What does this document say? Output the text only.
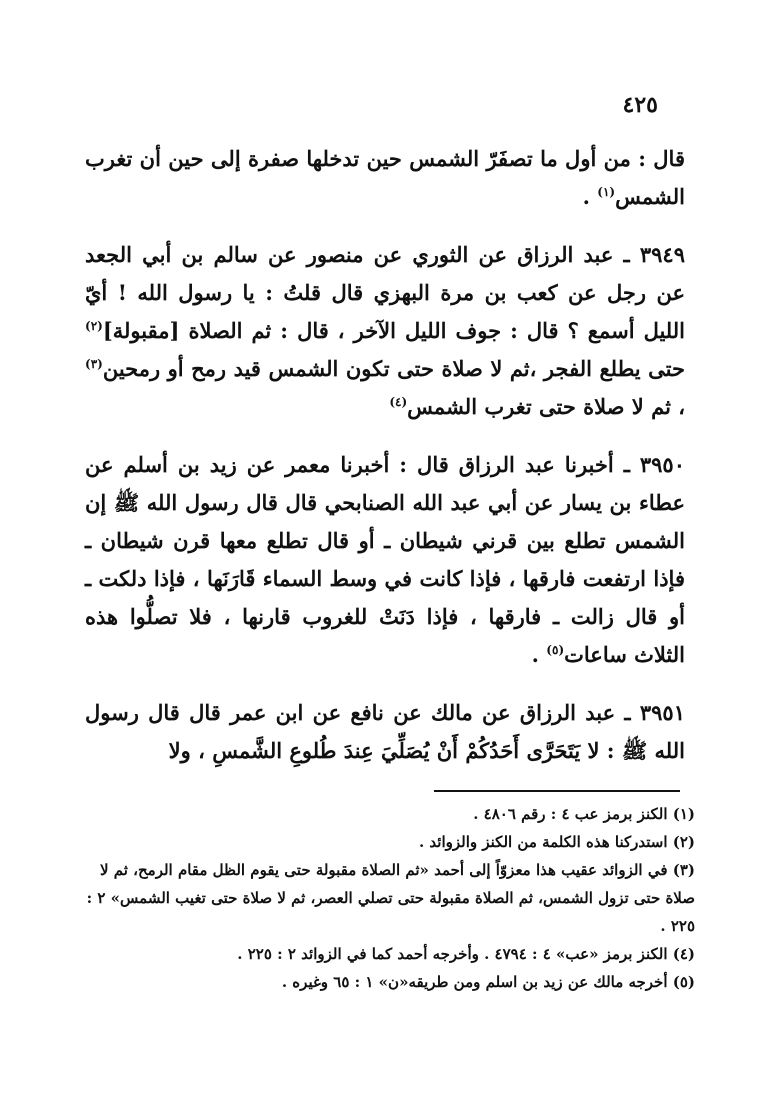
٤٢٥

قال : من أول ما تصفَرّ الشمس حين تدخلها صفرة إلى حين أن تغرب الشمس$^{(١)}$ .

٣٩٤٩ ـ عبد الرزاق عن الثوري عن منصور عن سالم بن أبي الجعد عن رجل عن كعب بن مرة البهزي قال قلتُ : يا رسول الله ! أيّ الليل أسمع ؟ قال : جوف الليل الآخر ، قال : ثم الصلاة [مقبولة]$^{(٢)}$ حتى يطلع الفجر ،ثم لا صلاة حتى تكون الشمس قيد رمح أو رمحين$^{(٣)}$ ، ثم لا صلاة حتى تغرب الشمس$^{(٤)}$

٣٩٥٠ ـ أخبرنا عبد الرزاق قال : أخبرنا معمر عن زيد بن أسلم عن عطاء بن يسار عن أبي عبد الله الصنابحي قال قال رسول الله ﷺ إن الشمس تطلع بين قرني شيطان ـ أو قال تطلع معها قرن شيطان ـ فإذا ارتفعت فارقها ، فإذا كانت في وسط السماء قَارَنَها ، فإذا دلكت ـ أو قال زالت ـ فارقها ، فإذا دَنَتْ للغروب قارنها ، فلا تصلُّوا هذه الثلاث ساعات$^{(٥)}$ .

٣٩٥١ ـ عبد الرزاق عن مالك عن نافع عن ابن عمر قال قال رسول الله ﷺ : لا يَتَحَرَّى أَحَدُكُمْ أَنْ يُصَلِّيَ عِندَ طُلوعِ الشَّمسِ ، ولا

(١) الكنز برمز عب ٤ : رقم ٤٨٠٦ .

(٢) استدركنا هذه الكلمة من الكنز والزوائد .

(٣) في الزوائد عقيب هذا معزوّاً إلى أحمد «ثم الصلاة مقبولة حتى يقوم الظل مقام الرمح، ثم لا صلاة حتى تزول الشمس، ثم الصلاة مقبولة حتى تصلي العصر، ثم لا صلاة حتى تغيب الشمس» ٢ : ٢٢٥ .

(٤) الكنز برمز «عب» ٤ : ٤٧٩٤ . وأخرجه أحمد كما في الزوائد ٢ : ٢٢٥ .

(٥) أخرجه مالك عن زيد بن اسلم ومن طريقه«ن» ١ : ٦٥ وغيره .
